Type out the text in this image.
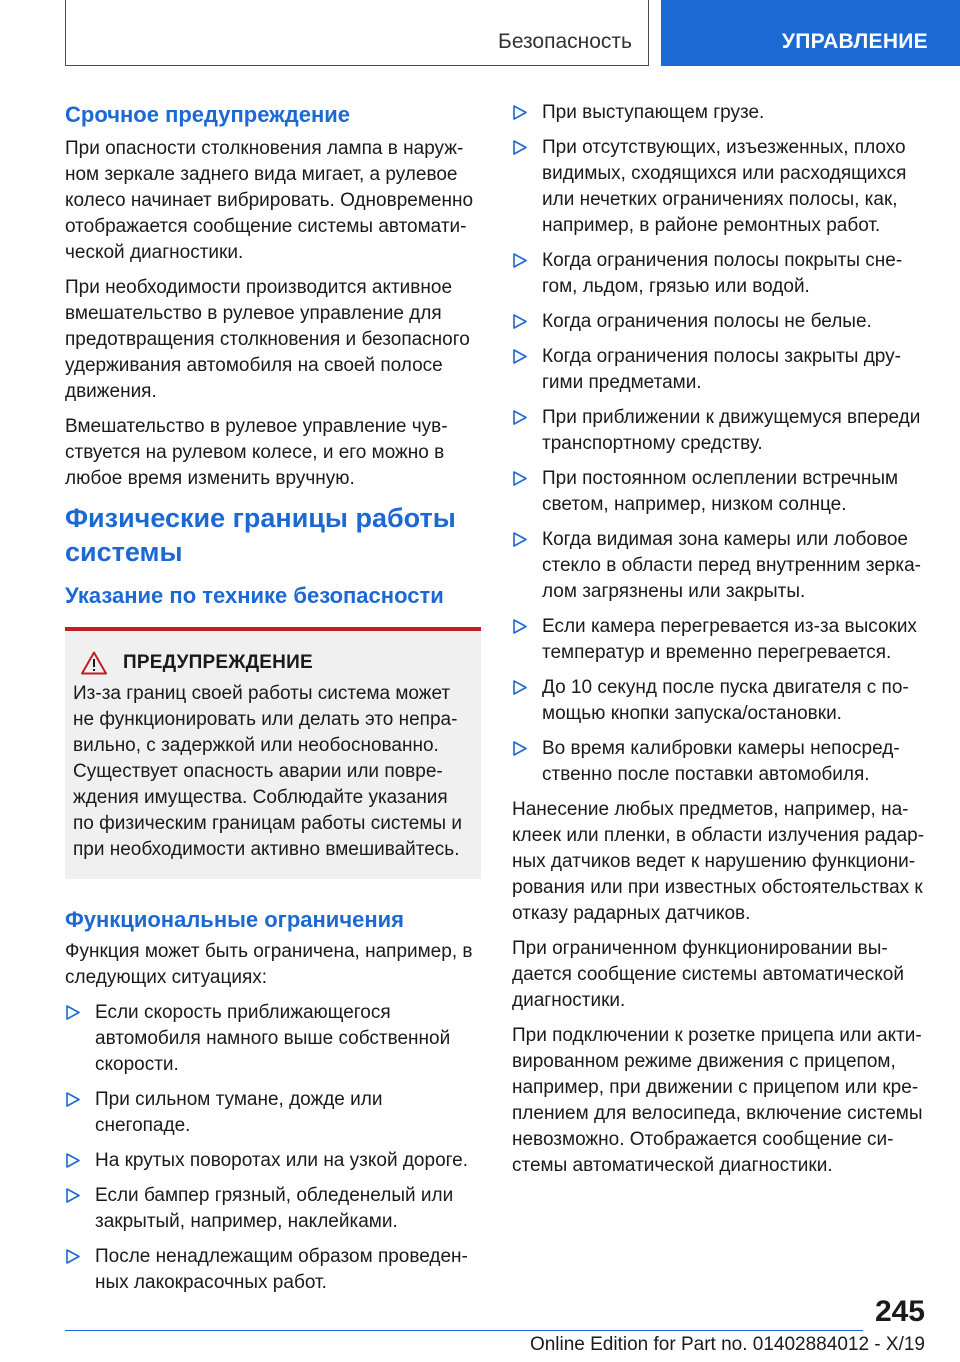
Безопасность	УПРАВЛЕНИЕ
Срочное предупреждение
При опасности столкновения лампа в наруж-ном зеркале заднего вида мигает, а рулевое колесо начинает вибрировать. Одновременно отображается сообщение системы автомати-ческой диагностики.
При необходимости производится активное вмешательство в рулевое управление для предотвращения столкновения и безопасного удерживания автомобиля на своей полосе движения.
Вмешательство в рулевое управление чув-ствуется на рулевом колесе, и его можно в любое время изменить вручную.
Физические границы работы системы
Указание по технике безопасности
ПРЕДУПРЕЖДЕНИЕ
Из-за границ своей работы система может не функционировать или делать это непра-вильно, с задержкой или необоснованно. Существует опасность аварии или повре-ждения имущества. Соблюдайте указания по физическим границам работы системы и при необходимости активно вмешивайтесь.
Функциональные ограничения
Функция может быть ограничена, например, в следующих ситуациях:
Если скорость приближающегося автомобиля намного выше собственной скорости.
При сильном тумане, дожде или снегопаде.
На крутых поворотах или на узкой дороге.
Если бампер грязный, обледенелый или закрытый, например, наклейками.
После ненадлежащим образом проведен-ных лакокрасочных работ.
При выступающем грузе.
При отсутствующих, изъезженных, плохо видимых, сходящихся или расходящихся или нечетких ограничениях полосы, как, например, в районе ремонтных работ.
Когда ограничения полосы покрыты сне-гом, льдом, грязью или водой.
Когда ограничения полосы не белые.
Когда ограничения полосы закрыты дру-гими предметами.
При приближении к движущемуся впереди транспортному средству.
При постоянном ослеплении встречным светом, например, низком солнце.
Когда видимая зона камеры или лобовое стекло в области перед внутренним зерка-лом загрязнены или закрыты.
Если камера перегревается из-за высоких температур и временно перегревается.
До 10 секунд после пуска двигателя с по-мощью кнопки запуска/остановки.
Во время калибровки камеры непосред-ственно после поставки автомобиля.
Нанесение любых предметов, например, на-клеек или пленки, в области излучения радар-ных датчиков ведет к нарушению функциони-рования или при известных обстоятельствах к отказу радарных датчиков.
При ограниченном функционировании вы-дается сообщение системы автоматической диагностики.
При подключении к розетке прицепа или акти-вированном режиме движения с прицепом, например, при движении с прицепом или кре-плением для велосипеда, включение системы невозможно. Отображается сообщение си-стемы автоматической диагностики.
245
Online Edition for Part no. 01402884012 - X/19
